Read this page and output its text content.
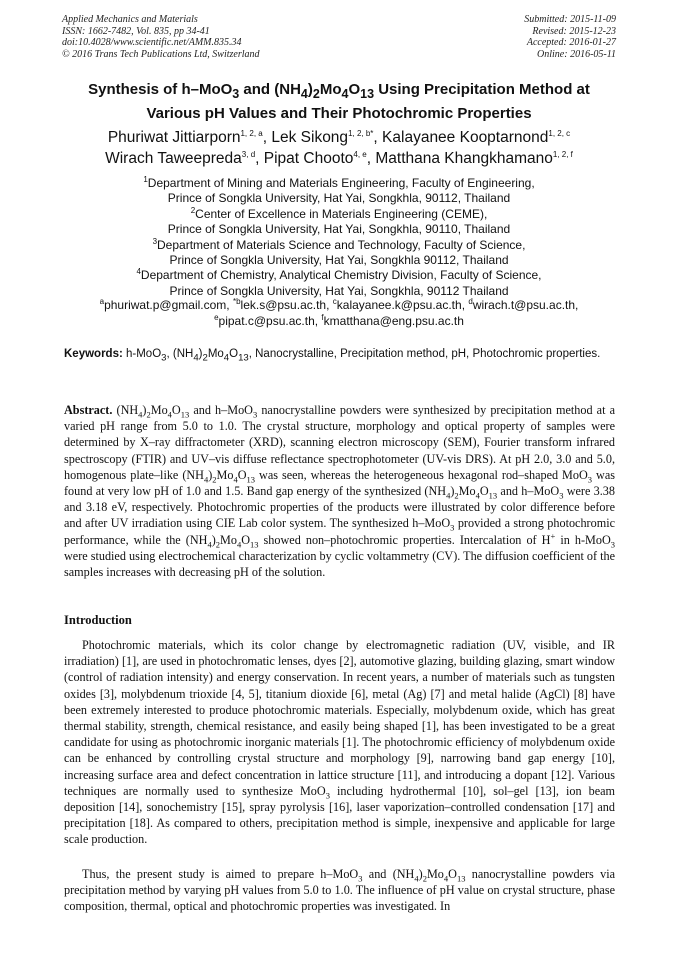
Applied Mechanics and Materials
ISSN: 1662-7482, Vol. 835, pp 34-41
doi:10.4028/www.scientific.net/AMM.835.34
© 2016 Trans Tech Publications Ltd, Switzerland
Submitted: 2015-11-09
Revised: 2015-12-23
Accepted: 2016-01-27
Online: 2016-05-11
Synthesis of h–MoO$_3$ and $(NH_4)_2Mo_4O_{13}$ Using Precipitation Method at
Various pH Values and Their Photochromic Properties
Phuriwat Jittiarporn$^{1, 2, a}$, Lek Sikong$^{1, 2, b*}$, Kalayanee Kooptarnond$^{1, 2, c}$
Wirach Taweepreda$^{3, d}$, Pipat Chooto$^{4, e}$, Matthana Khangkhamano$^{1, 2, f}$
$^1$Department of Mining and Materials Engineering, Faculty of Engineering,
Prince of Songkla University, Hat Yai, Songkhla, 90112, Thailand
$^2$Center of Excellence in Materials Engineering (CEME),
Prince of Songkla University, Hat Yai, Songkhla, 90110, Thailand
$^3$Department of Materials Science and Technology, Faculty of Science,
Prince of Songkla University, Hat Yai, Songkhla 90112, Thailand
$^4$Department of Chemistry, Analytical Chemistry Division, Faculty of Science,
Prince of Songkla University, Hat Yai, Songkhla, 90112 Thailand
$^a$phuriwat.p@gmail.com, $^{*b}$lek.s@psu.ac.th, $^c$kalayanee.k@psu.ac.th, $^d$wirach.t@psu.ac.th,
$^e$pipat.c@psu.ac.th, $^f$kmatthana@eng.psu.ac.th
Keywords: h-MoO$_3$, $(NH_4)_2Mo_4O_{13}$, Nanocrystalline, Precipitation method, pH, Photochromic properties.
Abstract. $(NH_4)_2Mo_4O_{13}$ and h–MoO$_3$ nanocrystalline powders were synthesized by precipitation method at a varied pH range from 5.0 to 1.0. The crystal structure, morphology and optical property of samples were determined by X–ray diffractometer (XRD), scanning electron microscopy (SEM), Fourier transform infrared spectroscopy (FTIR) and UV–vis diffuse reflectance spectrophotometer (UV-vis DRS). At pH 2.0, 3.0 and 5.0, homogenous plate–like $(NH_4)_2Mo_4O_{13}$ was seen, whereas the heterogeneous hexagonal rod–shaped MoO$_3$ was found at very low pH of 1.0 and 1.5. Band gap energy of the synthesized $(NH_4)_2Mo_4O_{13}$ and h–MoO$_3$ were 3.38 and 3.18 eV, respectively. Photochromic properties of the products were illustrated by color difference before and after UV irradiation using CIE Lab color system. The synthesized h–MoO$_3$ provided a strong photochromic performance, while the $(NH_4)_2Mo_4O_{13}$ showed non–photochromic properties. Intercalation of H+ in h-MoO$_3$ were studied using electrochemical characterization by cyclic voltammetry (CV). The diffusion coefficient of the samples increases with decreasing pH of the solution.
Introduction
Photochromic materials, which its color change by electromagnetic radiation (UV, visible, and IR irradiation) [1], are used in photochromatic lenses, dyes [2], automotive glazing, building glazing, smart window (control of radiation intensity) and energy conservation. In recent years, a number of materials such as tungsten oxides [3], molybdenum trioxide [4, 5], titanium dioxide [6], metal (Ag) [7] and metal halide (AgCl) [8] have been extremely interested to produce photochromic materials. Especially, molybdenum oxide, which has great thermal stability, strength, chemical resistance, and easily being shaped [1], has been investigated to be a great candidate for using as photochromic inorganic materials [1]. The photochromic efficiency of molybdenum oxide can be enhanced by controlling crystal structure and morphology [9], narrowing band gap energy [10], increasing surface area and defect concentration in lattice structure [11], and introducing a dopant [12]. Various techniques are normally used to synthesize MoO$_3$ including hydrothermal [10], sol–gel [13], ion beam deposition [14], sonochemistry [15], spray pyrolysis [16], laser vaporization–controlled condensation [17] and precipitation [18]. As compared to others, precipitation method is simple, inexpensive and applicable for large scale production.
Thus, the present study is aimed to prepare h–MoO$_3$ and $(NH_4)_2Mo_4O_{13}$ nanocrystalline powders via precipitation method by varying pH values from 5.0 to 1.0. The influence of pH value on crystal structure, phase composition, thermal, optical and photochromic properties was investigated. In
